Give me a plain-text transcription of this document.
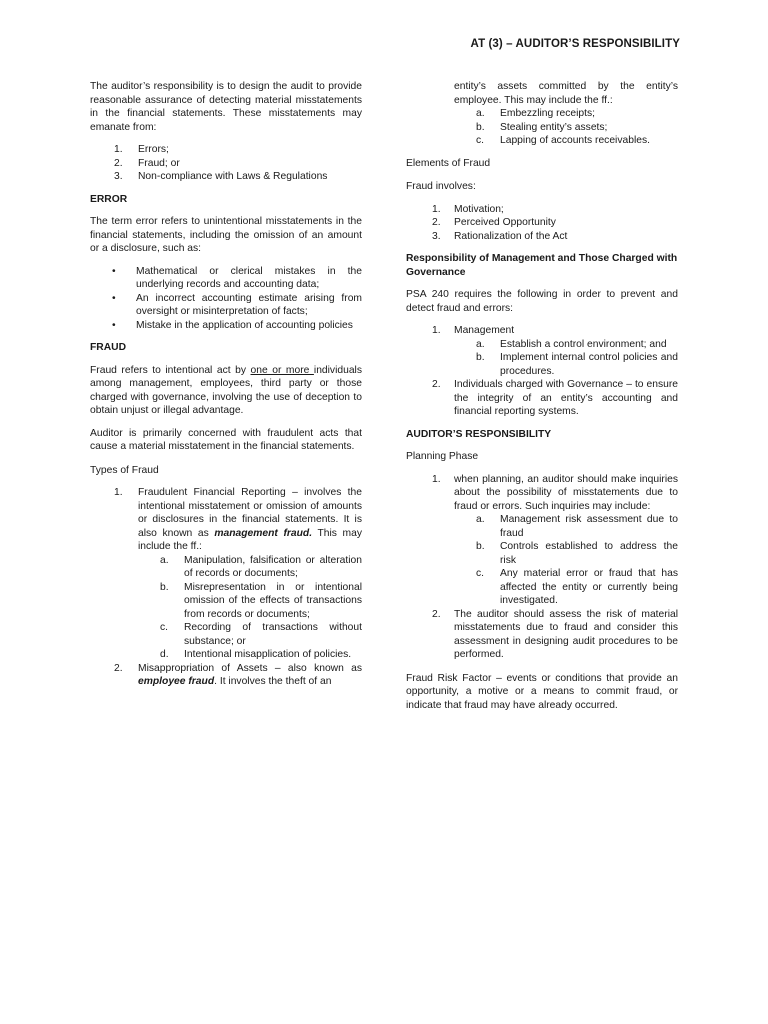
AT (3) – AUDITOR’S RESPONSIBILITY

The auditor’s responsibility is to design the audit to provide reasonable assurance of detecting material misstatements in the financial statements. These misstatements may emanate from:

1.	Errors;
2.	Fraud; or
3.	Non-compliance with Laws & Regulations

ERROR

The term error refers to unintentional misstatements in the financial statements, including the omission of an amount or a disclosure, such as:

•	Mathematical or clerical mistakes in the underlying records and accounting data;
•	An incorrect accounting estimate arising from oversight or misinterpretation of facts;
•	Mistake in the application of accounting policies

FRAUD

Fraud refers to intentional act by one or more individuals among management, employees, third party or those charged with governance, involving the use of deception to obtain unjust or illegal advantage.

Auditor is primarily concerned with fraudulent acts that cause a material misstatement in the financial statements.

Types of Fraud

1.	Fraudulent Financial Reporting – involves the intentional misstatement or omission of amounts or disclosures in the financial statements. It is also known as management fraud. This may include the ff.:

a.	Manipulation, falsification or alteration of records or documents;
b.	Misrepresentation in or intentional omission of the effects of transactions from records or documents;
c.	Recording of transactions without substance; or
d.	Intentional misapplication of policies.
2.	Misappropriation of Assets – also known as employee fraud. It involves the theft of an

entity’s assets committed by the entity’s employee. This may include the ff.:

a.	Embezzling receipts;
b.	Stealing entity’s assets;
c.	Lapping of accounts receivables.

Elements of Fraud

Fraud involves:

1.	Motivation;
2.	Perceived Opportunity
3.	Rationalization of the Act

Responsibility of Management and Those Charged with Governance

PSA 240 requires the following in order to prevent and detect fraud and errors:

1.	Management

a.	Establish a control environment; and
b.	Implement internal control policies and procedures.
2.	Individuals charged with Governance – to ensure the integrity of an entity’s accounting and financial reporting systems.

AUDITOR’S RESPONSIBILITY

Planning Phase

1.	when planning, an auditor should make inquiries about the possibility of misstatements due to fraud or errors. Such inquiries may include:

a.	Management risk assessment due to fraud
b.	Controls established to address the risk
c.	Any material error or fraud that has affected the entity or currently being investigated.
2.	The auditor should assess the risk of material misstatements due to fraud and consider this assessment in designing audit procedures to be performed.

Fraud Risk Factor – events or conditions that provide an opportunity, a motive or a means to commit fraud, or indicate that fraud may have already occurred.
